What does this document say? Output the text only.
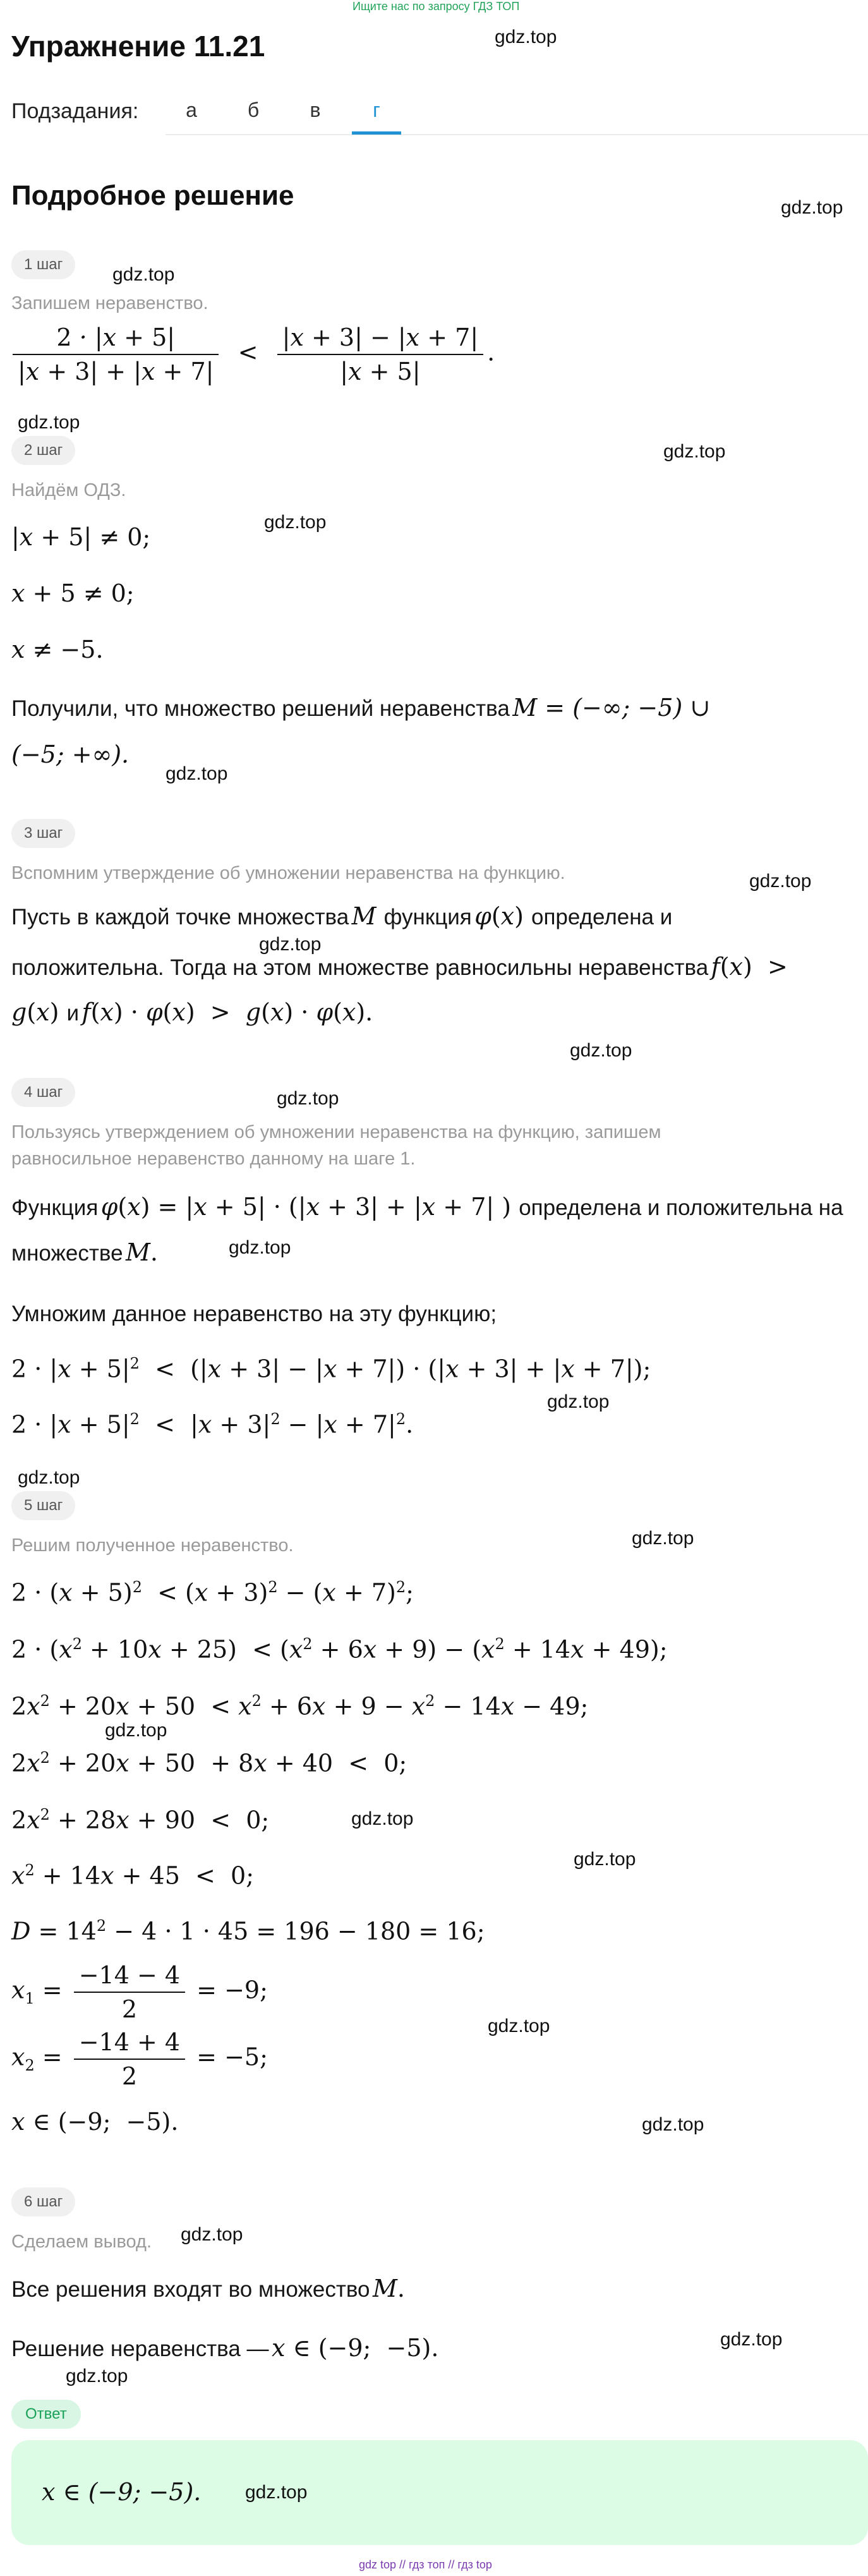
Ищите нас по запросу ГДЗ ТОП
Упражнение 11.21	gdz.top
Подзадания:	а	б	в	г
Подробное решение	gdz.top
1 шаг	gdz.top
Запишем неравенство.
$\frac{2 \cdot |x + 5|}{|x + 3| + |x + 7|} < \frac{|x + 3| - |x + 7|}{|x + 5|}$ .
gdz.top
2 шаг	gdz.top
Найдём ОДЗ.
gdz.top
|x + 5| ≠ 0;
x + 5 ≠ 0;
x ≠ −5.
Получили, что множество решений неравенства M = (−∞; −5) ∪
(−5; +∞).
gdz.top
3 шаг
Вспомним утверждение об умножении неравенства на функцию.	gdz.top
Пусть в каждой точке множества M функция φ(x) определена и
gdz.top
положительна. Тогда на этом множестве равносильны неравенства f(x)  >
g(x) и f(x) · φ(x)  >  g(x) · φ(x).
gdz.top
4 шаг	gdz.top
Пользуясь утверждением об умножении неравенства на функцию, запишем
равносильное неравенство данному на шаге 1.
Функция φ(x) = |x + 5| · (|x + 3| + |x + 7| ) определена и положительна на
множестве M.	gdz.top
Умножим данное неравенство на эту функцию;
$2 \cdot |x + 5|^2 < (|x + 3| - |x + 7|) \cdot (|x + 3| + |x + 7|)$;
gdz.top
$2 \cdot |x + 5|^2 < |x + 3|^2 - |x + 7|^2$.
gdz.top
5 шаг
gdz.top
Решим полученное неравенство.
$2 \cdot (x + 5)^2 < (x + 3)^2 - (x + 7)^2$;
$2 \cdot (x^2 + 10x + 25) < (x^2 + 6x + 9) - (x^2 + 14x + 49)$;
$2x^2 + 20x + 50 < x^2 + 6x + 9 - x^2 - 14x - 49$;
gdz.top
$2x^2 + 20x + 50 + 8x + 40 < 0$;
$2x^2 + 28x + 90 < 0$;	gdz.top
gdz.top
$x^2 + 14x + 45 < 0$;
$D = 14^2 - 4 \cdot 1 \cdot 45 = 196 - 180 = 16$;
$x_1 = \frac{-14 - 4}{2} = -9$;
gdz.top
$x_2 = \frac{-14 + 4}{2} = -5$;
x ∈ (−9;  −5).	gdz.top
6 шаг
gdz.top
Сделаем вывод.
Все решения входят во множество M.
gdz.top
Решение неравенства — x ∈ (−9;  −5).
gdz.top
Ответ
x ∈ (−9; −5). gdz.top
gdz top // гдз топ // гдз top
